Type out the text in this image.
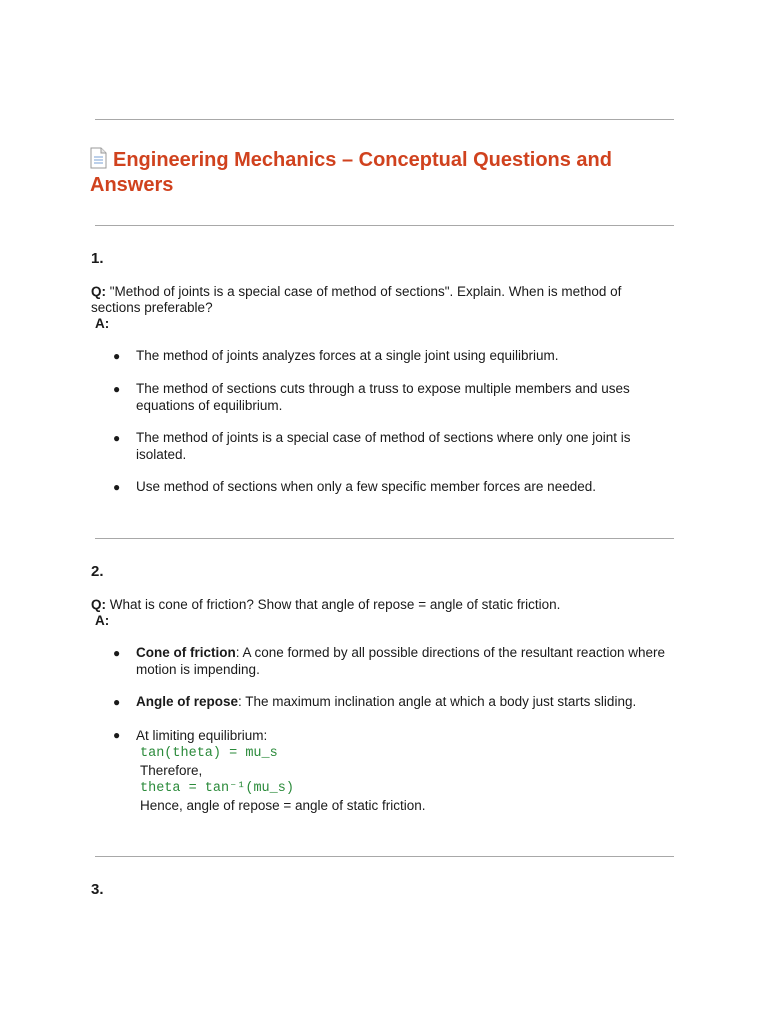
Engineering Mechanics – Conceptual Questions and Answers
1.

Q: "Method of joints is a special case of method of sections". Explain. When is method of sections preferable?

A:

● The method of joints analyzes forces at a single joint using equilibrium.
● The method of sections cuts through a truss to expose multiple members and uses equations of equilibrium.
● The method of joints is a special case of method of sections where only one joint is isolated.
● Use method of sections when only a few specific member forces are needed.
2.

Q: What is cone of friction? Show that angle of repose = angle of static friction.

A:

● Cone of friction: A cone formed by all possible directions of the resultant reaction where motion is impending.
● Angle of repose: The maximum inclination angle at which a body just starts sliding.
● At limiting equilibrium:
tan(theta) = mu_s
Therefore,
theta = tan⁻¹(mu_s)
Hence, angle of repose = angle of static friction.
3.
